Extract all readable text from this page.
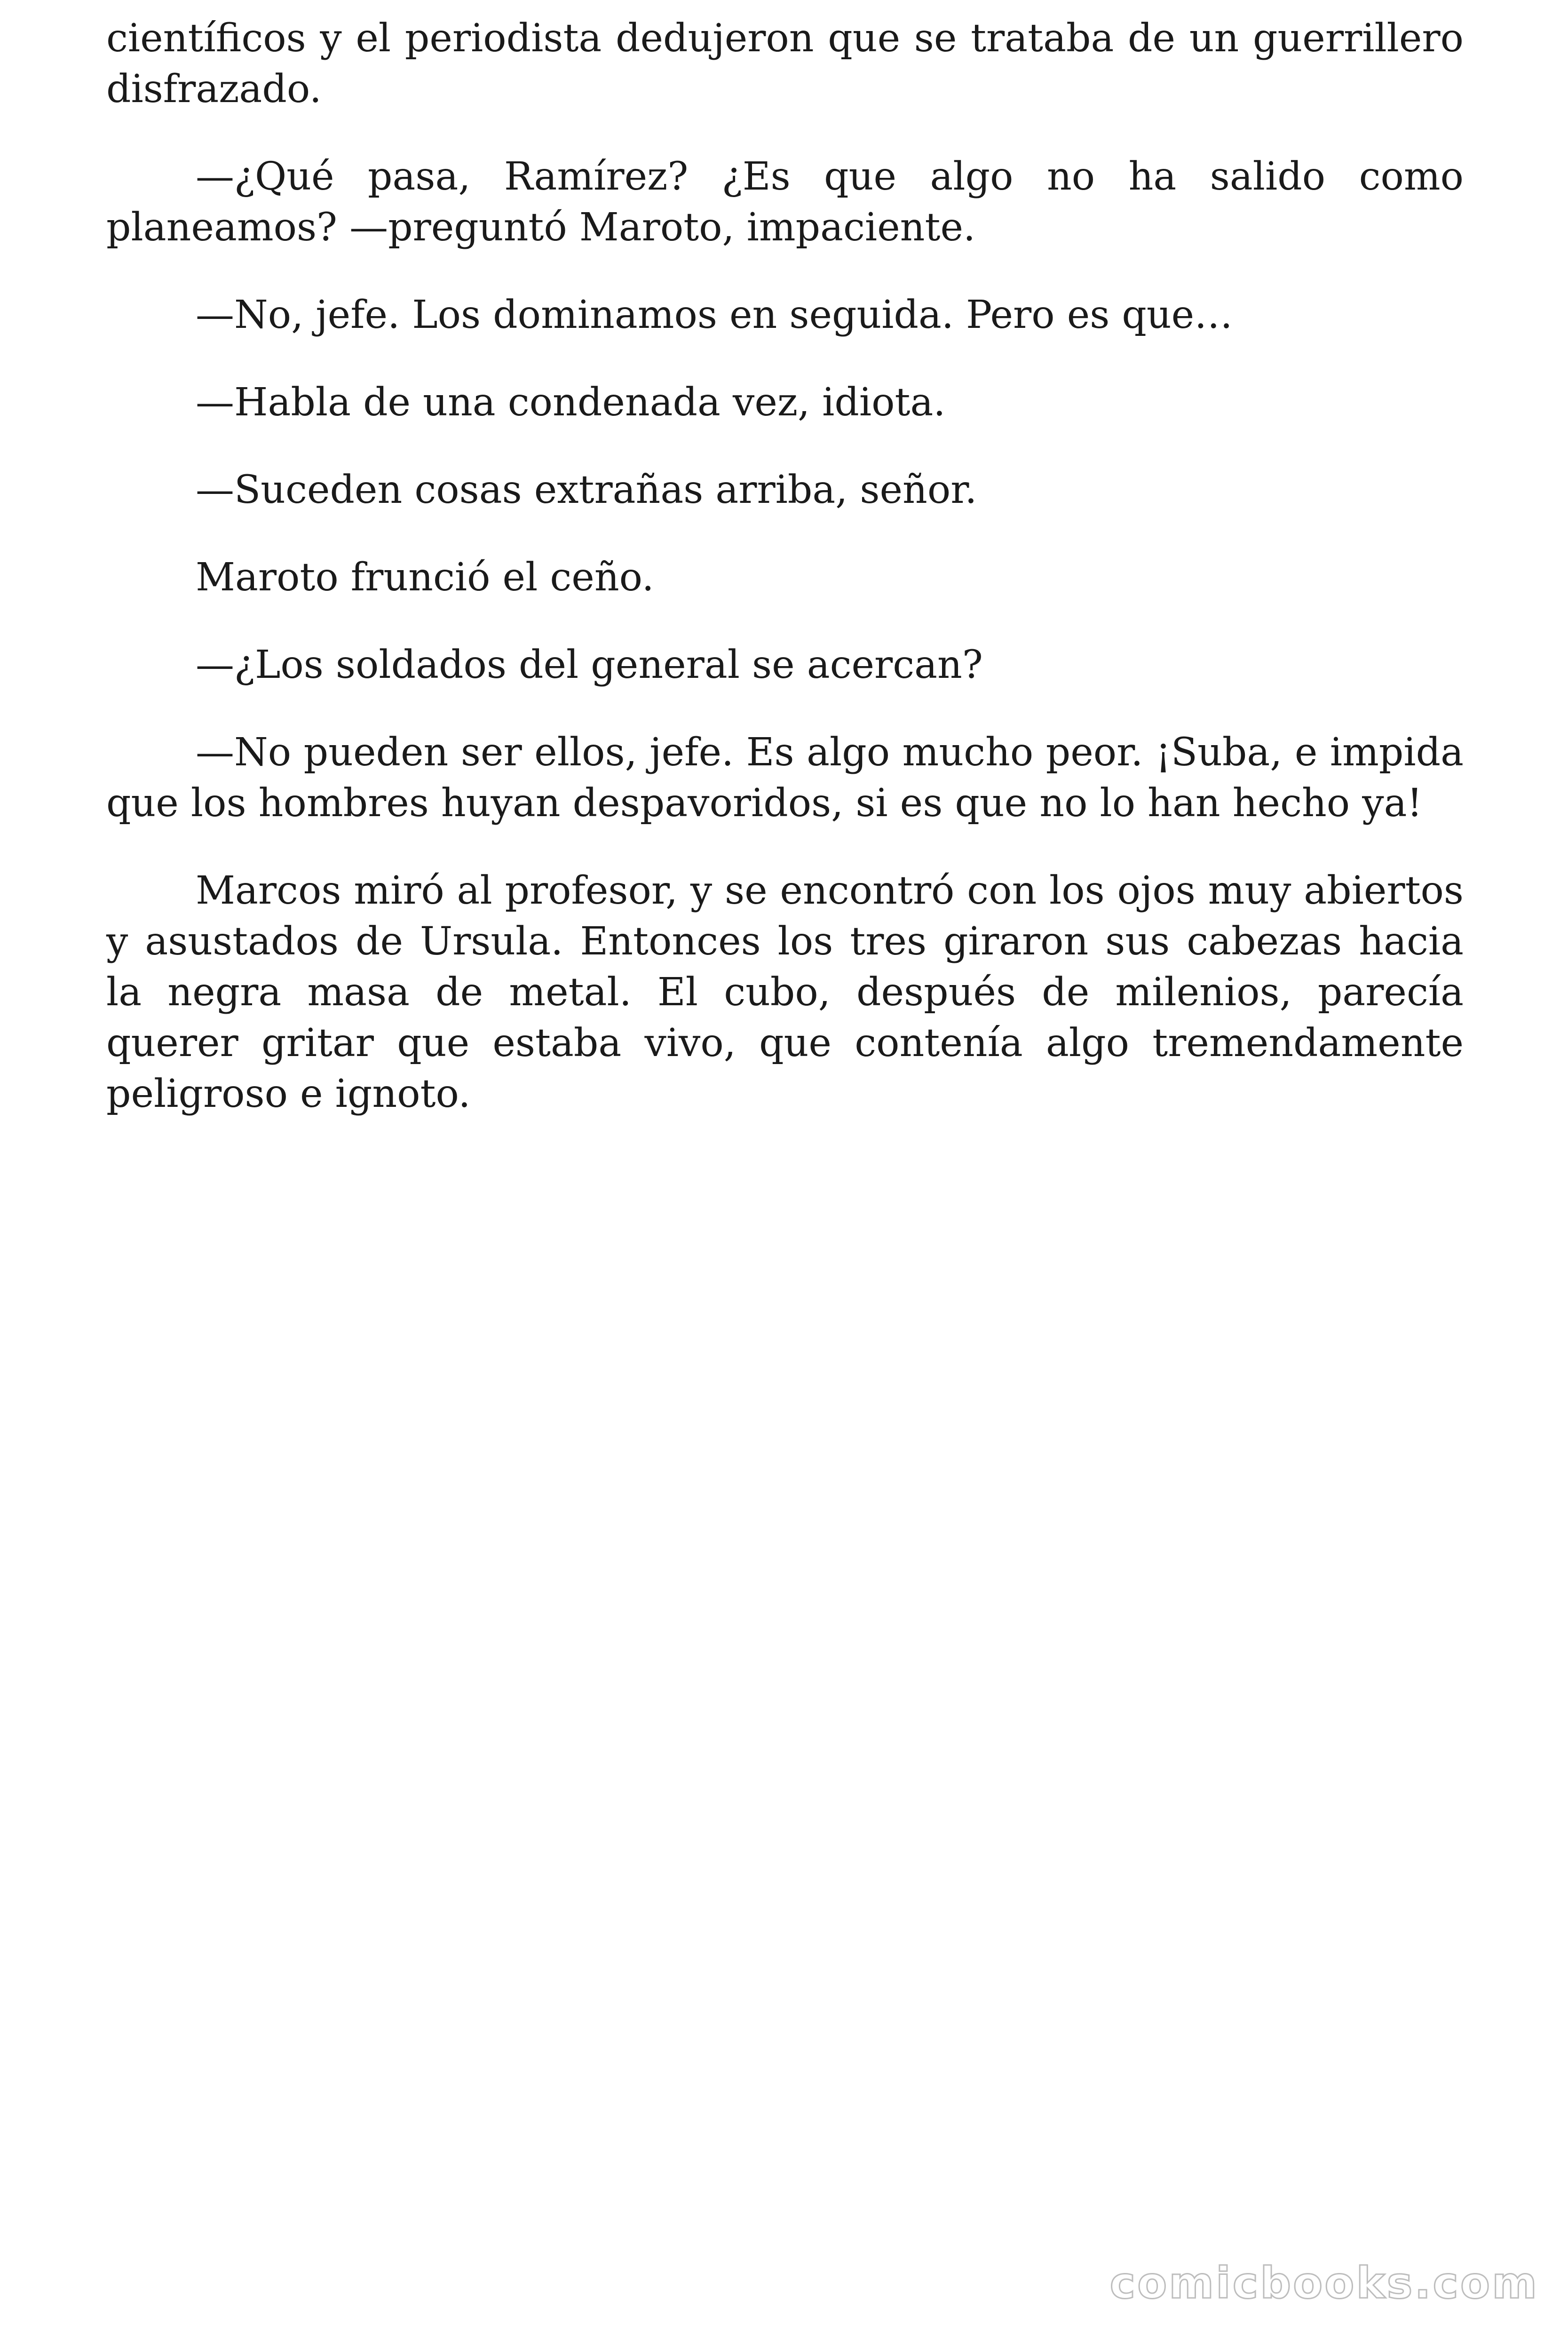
científicos y el periodista dedujeron que se trataba de un guerrillero disfrazado.

—¿Qué pasa, Ramírez? ¿Es que algo no ha salido como planeamos? —preguntó Maroto, impaciente.

—No, jefe. Los dominamos en seguida. Pero es que…

—Habla de una condenada vez, idiota.

—Suceden cosas extrañas arriba, señor.

Maroto frunció el ceño.

—¿Los soldados del general se acercan?

—No pueden ser ellos, jefe. Es algo mucho peor. ¡Suba, e impida que los hombres huyan despavoridos, si es que no lo han hecho ya!

Marcos miró al profesor, y se encontró con los ojos muy abiertos y asustados de Ursula. Entonces los tres giraron sus cabezas hacia la negra masa de metal. El cubo, después de milenios, parecía querer gritar que estaba vivo, que contenía algo tremendamente peligroso e ignoto.

comicbooks.com
